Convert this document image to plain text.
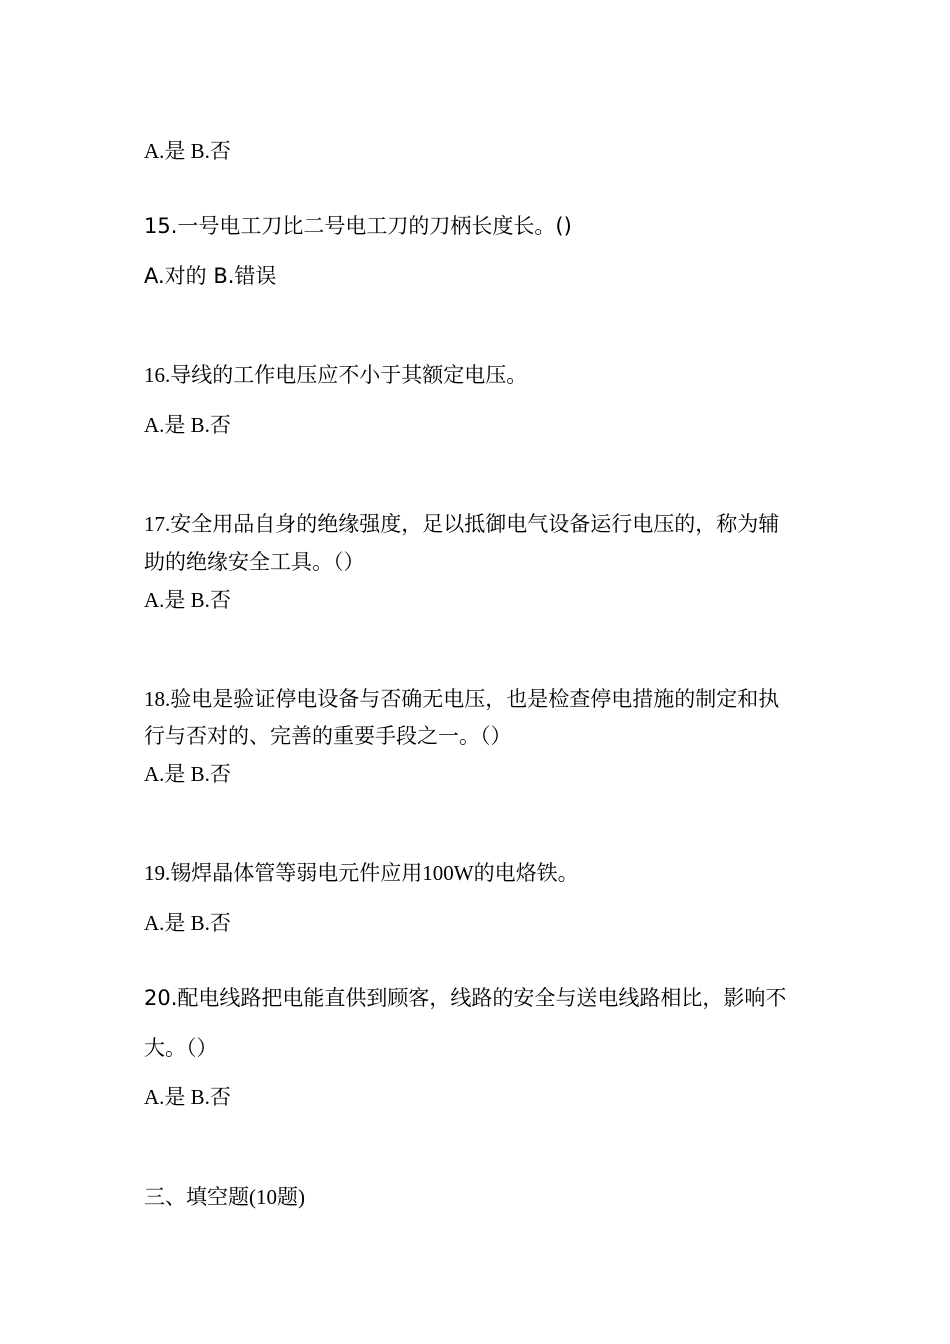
A.是 B.否
15.一号电工刀比二号电工刀的刀柄长度长。()
A.对的 B.错误
16.导线的工作电压应不小于其额定电压。
A.是 B.否
17.安全用品自身的绝缘强度，足以抵御电气设备运行电压的，称为辅
助的绝缘安全工具。（）
A.是 B.否
18.验电是验证停电设备与否确无电压，也是检查停电措施的制定和执
行与否对的、完善的重要手段之一。（）
A.是 B.否
19.锡焊晶体管等弱电元件应用100W的电烙铁。
A.是 B.否
20.配电线路把电能直供到顾客，线路的安全与送电线路相比，影响不
大。（）
A.是 B.否
三、填空题(10题)
